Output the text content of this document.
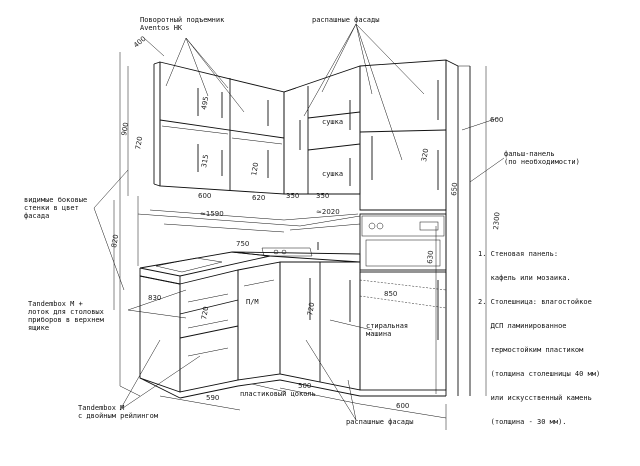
400
900
720
495
315	320
120
600	620
≈1590	≈2020
350 350
820	750
830
720
2300
650
630
850
720
590
500
600
600
Поворотный подъемник
Aventos HK
распашные фасады
сушка
сушка
фальш-панель
(по необходимости)
видимые боковые
стенки в цвет
фасада

1. Стеновая панель:

кафель или мозаика.

2. Столешница: влагостойкое

ДСП ламинированное

термостойким пластиком

(толщина столешницы 40 мм)

или искусственный камень

(толщина - 30 мм).

Tandembox M +
лоток для столовых
приборов в верхнем
ящике
П/М
стиральная
машина
пластиковый цоколь
Tandembox M
с двойным рейлингом
распашные фасады
